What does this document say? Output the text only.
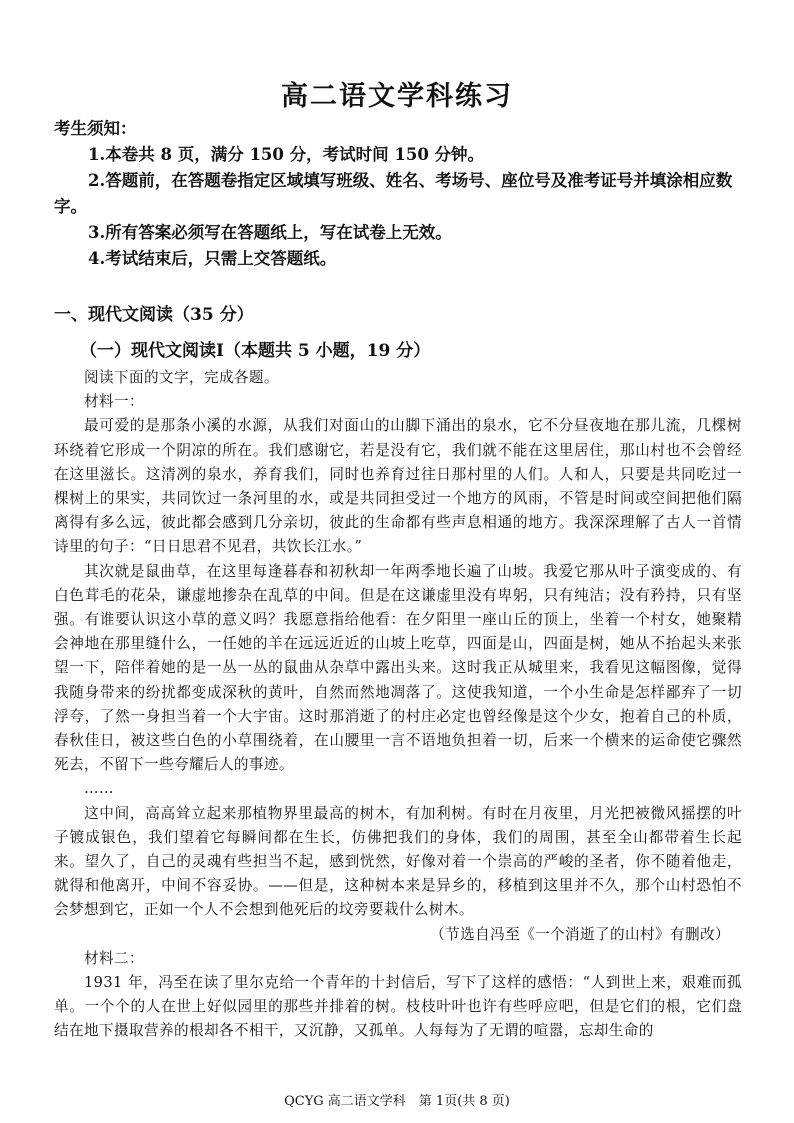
高二语文学科练习
考生须知：
1.本卷共 8 页，满分 150 分，考试时间 150 分钟。
2.答题前，在答题卷指定区域填写班级、姓名、考场号、座位号及准考证号并填涂相应数字。
3.所有答案必须写在答题纸上，写在试卷上无效。
4.考试结束后，只需上交答题纸。
一、现代文阅读（35 分）
（一）现代文阅读Ⅰ（本题共 5 小题，19 分）

阅读下面的文字，完成各题。

材料一：

最可爱的是那条小溪的水源，从我们对面山的山脚下涌出的泉水，它不分昼夜地在那儿流，几棵树环绕着它形成一个阴凉的所在。我们感谢它，若是没有它，我们就不能在这里居住，那山村也不会曾经在这里滋长。这清冽的泉水，养育我们，同时也养育过往日那村里的人们。人和人，只要是共同吃过一棵树上的果实，共同饮过一条河里的水，或是共同担受过一个地方的风雨，不管是时间或空间把他们隔离得有多么远，彼此都会感到几分亲切，彼此的生命都有些声息相通的地方。我深深理解了古人一首情诗里的句子：“日日思君不见君，共饮长江水。”

其次就是鼠曲草，在这里每逢暮春和初秋却一年两季地长遍了山坡。我爱它那从叶子演变成的、有白色茸毛的花朵，谦虚地掺杂在乱草的中间。但是在这谦虚里没有卑躬，只有纯洁；没有矜持，只有坚强。有谁要认识这小草的意义吗？我愿意指给他看：在夕阳里一座山丘的顶上，坐着一个村女，她聚精会神地在那里缝什么，一任她的羊在远远近近的山坡上吃草，四面是山，四面是树，她从不抬起头来张望一下，陪伴着她的是一丛一丛的鼠曲从杂草中露出头来。这时我正从城里来，我看见这幅图像，觉得我随身带来的纷扰都变成深秋的黄叶，自然而然地凋落了。这使我知道，一个小生命是怎样鄙弃了一切浮夸，了然一身担当着一个大宇宙。这时那消逝了的村庄必定也曾经像是这个少女，抱着自己的朴质，春秋佳日，被这些白色的小草围绕着，在山腰里一言不语地负担着一切，后来一个横来的运命使它骤然死去，不留下一些夸耀后人的事迹。

……

这中间，高高耸立起来那植物界里最高的树木，有加利树。有时在月夜里，月光把被微风摇摆的叶子镀成银色，我们望着它每瞬间都在生长，仿佛把我们的身体，我们的周围，甚至全山都带着生长起来。望久了，自己的灵魂有些担当不起，感到恍然，好像对着一个崇高的严峻的圣者，你不随着他走，就得和他离开，中间不容妥协。——但是，这种树本来是异乡的，移植到这里并不久，那个山村恐怕不会梦想到它，正如一个人不会想到他死后的坟旁要栽什么树木。

（节选自冯至《一个消逝了的山村》有删改）

材料二：

1931 年，冯至在读了里尔克给一个青年的十封信后，写下了这样的感悟：“人到世上来，艰难而孤单。一个个的人在世上好似园里的那些并排着的树。枝枝叶叶也许有些呼应吧，但是它们的根，它们盘结在地下摄取营养的根却各不相干，又沉静，又孤单。人每每为了无谓的喧嚣，忘却生命的

QCYG 高二语文学科　第 1页(共 8 页)
